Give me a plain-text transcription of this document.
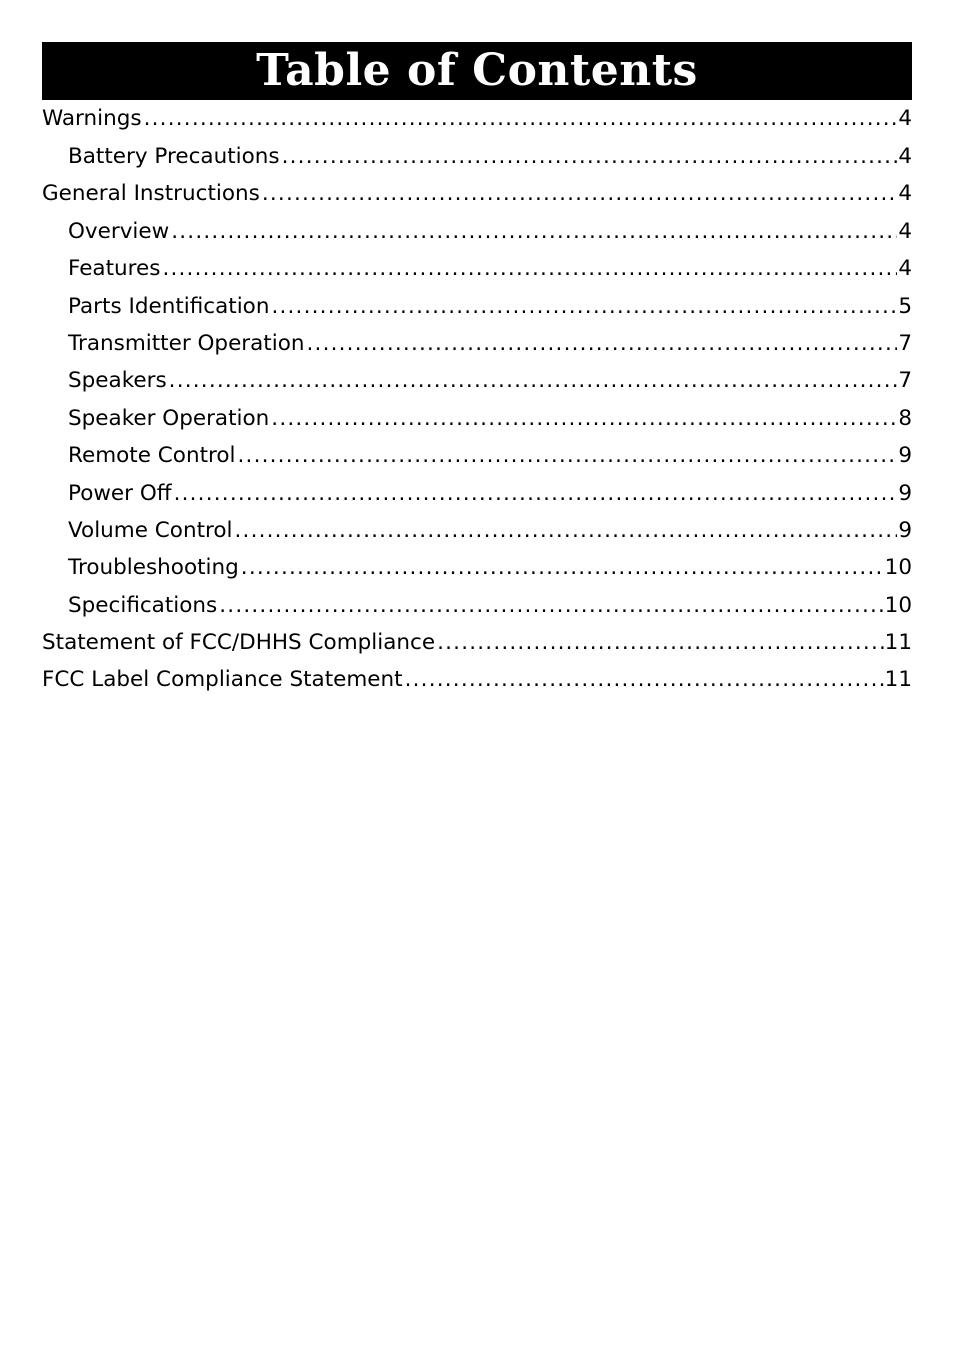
Table of Contents
Warnings .....	4
Battery Precautions .....	4
General Instructions .....	4
Overview .....	4
Features .....	4
Parts Identification .....	5
Transmitter Operation .....	7
Speakers .....	7
Speaker Operation .....	8
Remote Control .....	9
Power Off .....	9
Volume Control .....	9
Troubleshooting .....	10
Specifications .....	10
Statement of FCC/DHHS Compliance .....	11
FCC Label Compliance Statement .....	11
